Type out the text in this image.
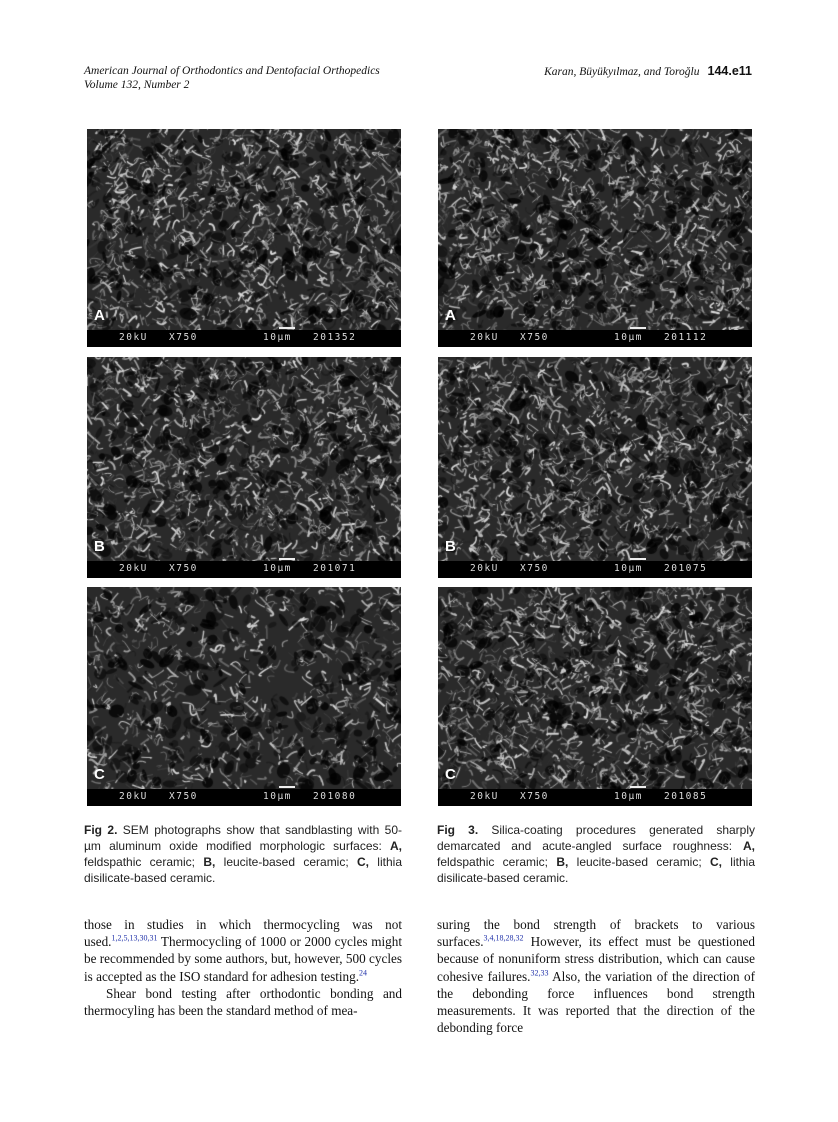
American Journal of Orthodontics and Dentofacial Orthopedics
Volume 132, Number 2
Karan, Büyükyılmaz, and Toroğlu 144.e11
A
20kU X750	10µm 201352
B
20kU X750	10µm 201071
C
20kU X750	10µm 201080
A
20kU X750	10µm 201112
B
20kU X750	10µm 201075
C
20kU X750	10µm 201085
Fig 2. SEM photographs show that sandblasting with 50-µm aluminum oxide modified morphologic surfaces: A, feldspathic ceramic; B, leucite-based ceramic; C, lithia disilicate-based ceramic.
Fig 3. Silica-coating procedures generated sharply demarcated and acute-angled surface roughness: A, feldspathic ceramic; B, leucite-based ceramic; C, lithia disilicate-based ceramic.

those in studies in which thermocycling was not used.$^{1,2,5,13,30,31}$ Thermocycling of 1000 or 2000 cycles might be recommended by some authors, but, however, 500 cycles is accepted as the ISO standard for adhesion testing.$^{24}$

Shear bond testing after orthodontic bonding and thermocyling has been the standard method of mea-

suring the bond strength of brackets to various surfaces.$^{3,4,18,28,32}$ However, its effect must be questioned because of nonuniform stress distribution, which can cause cohesive failures.$^{32,33}$ Also, the variation of the direction of the debonding force influences bond strength measurements. It was reported that the direction of the debonding force
